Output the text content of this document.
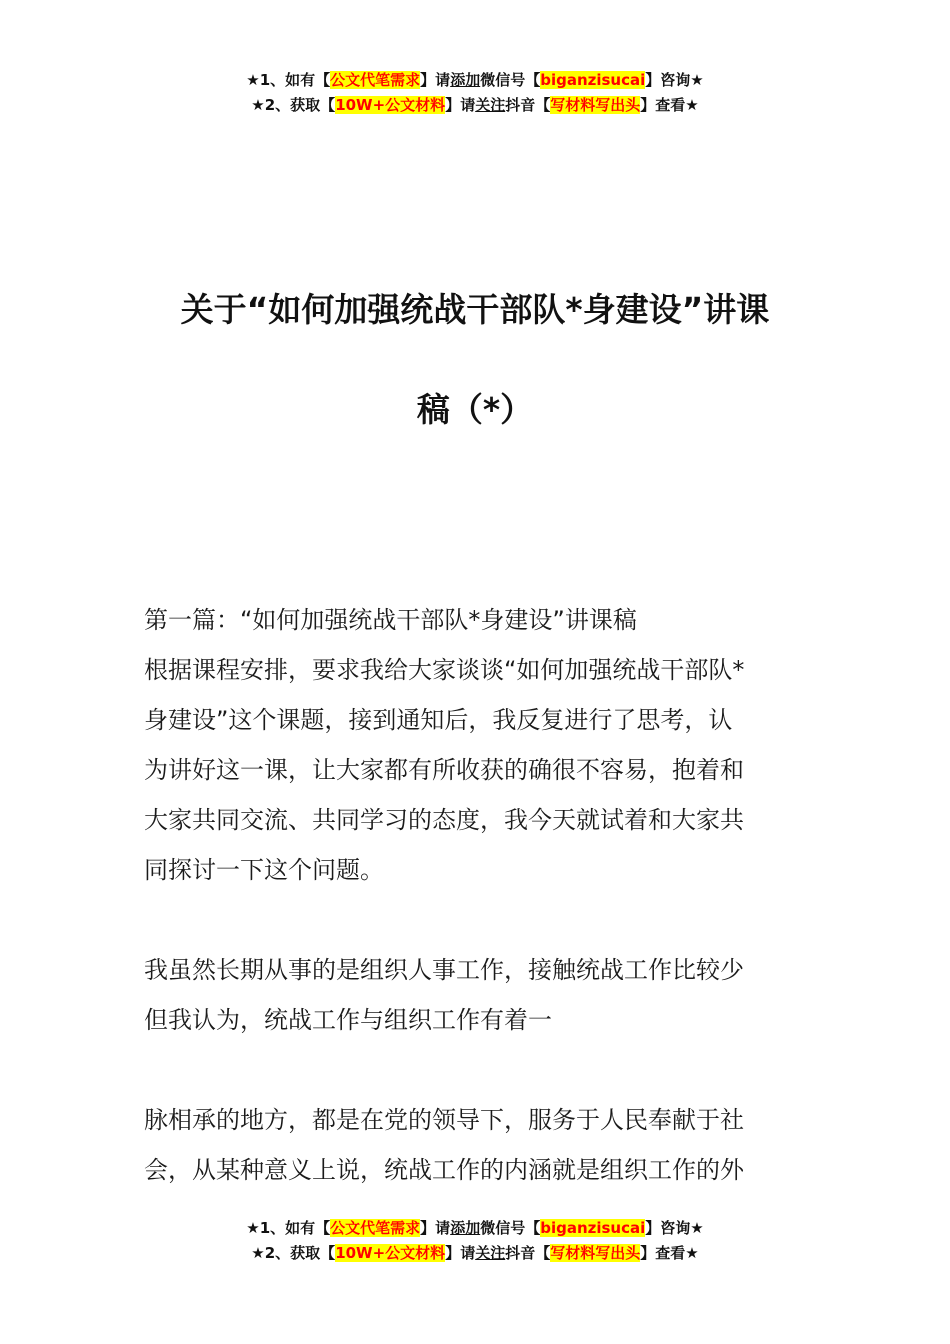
★1、如有【公文代笔需求】请添加微信号【biganzisucai】咨询★
★2、获取【10W+公文材料】请关注抖音【写材料写出头】查看★
关于“如何加强统战干部队*身建设”讲课
稿（*）
第一篇：“如何加强统战干部队*身建设”讲课稿
根据课程安排，要求我给大家谈谈“如何加强统战干部队*
身建设”这个课题，接到通知后，我反复进行了思考，认
为讲好这一课，让大家都有所收获的确很不容易，抱着和
大家共同交流、共同学习的态度，我今天就试着和大家共
同探讨一下这个问题。
我虽然长期从事的是组织人事工作，接触统战工作比较少
但我认为，统战工作与组织工作有着一
脉相承的地方，都是在党的领导下，服务于人民奉献于社
会，从某种意义上说，统战工作的内涵就是组织工作的外
★1、如有【公文代笔需求】请添加微信号【biganzisucai】咨询★
★2、获取【10W+公文材料】请关注抖音【写材料写出头】查看★
